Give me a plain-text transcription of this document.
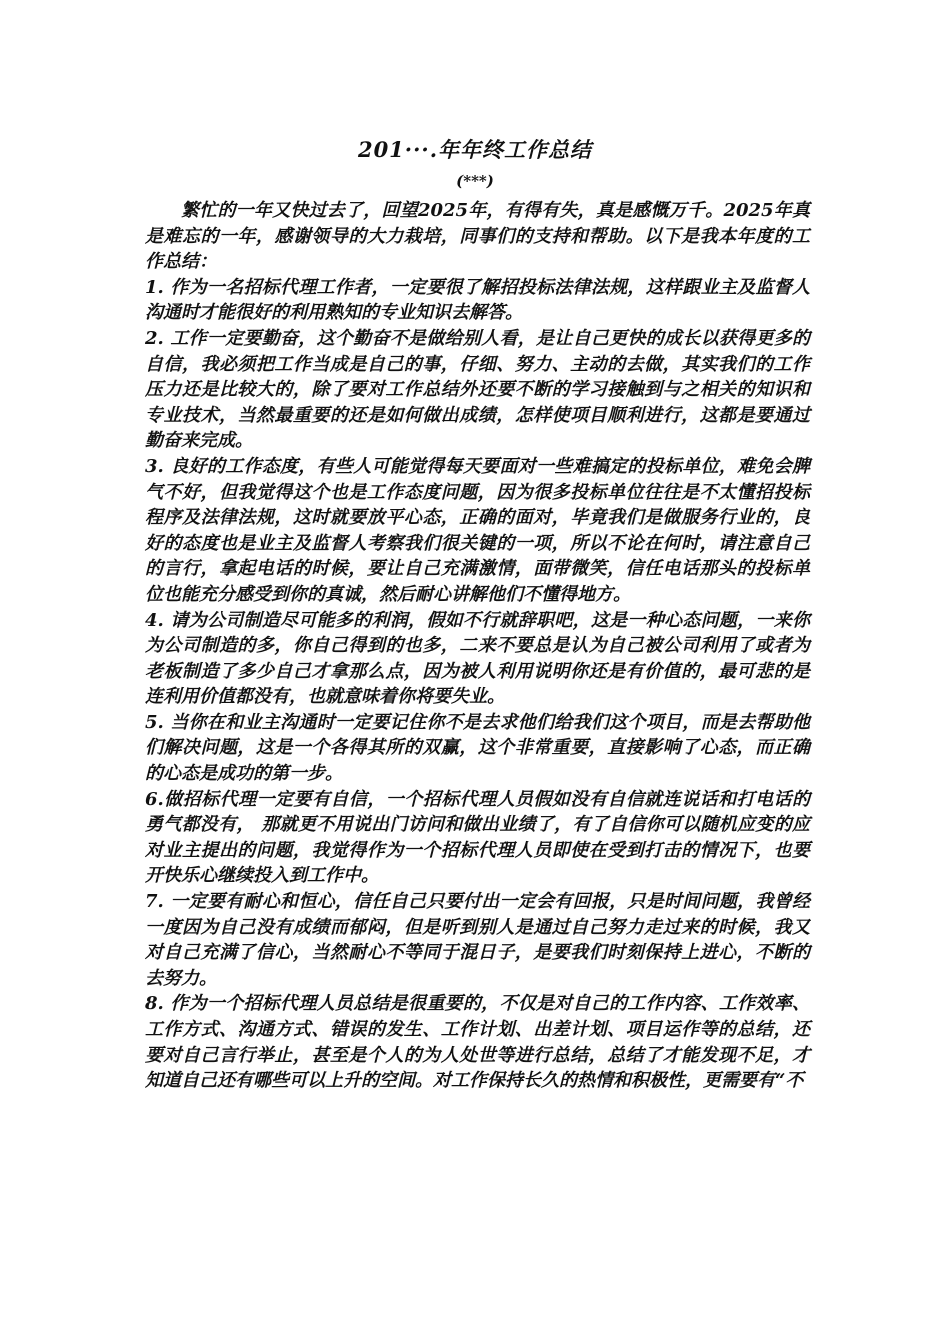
201···.年年终工作总结
(***)

繁忙的一年又快过去了，回望2025年，有得有失，真是感慨万千。2025年真是难忘的一年，感谢领导的大力栽培，同事们的支持和帮助。以下是我本年度的工作总结：

1. 作为一名招标代理工作者，一定要很了解招投标法律法规，这样跟业主及监督人沟通时才能很好的利用熟知的专业知识去解答。

2. 工作一定要勤奋，这个勤奋不是做给别人看，是让自己更快的成长以获得更多的自信，我必须把工作当成是自己的事，仔细、努力、主动的去做，其实我们的工作压力还是比较大的，除了要对工作总结外还要不断的学习接触到与之相关的知识和专业技术，当然最重要的还是如何做出成绩，怎样使项目顺利进行，这都是要通过勤奋来完成。

3. 良好的工作态度，有些人可能觉得每天要面对一些难搞定的投标单位，难免会脾气不好，但我觉得这个也是工作态度问题，因为很多投标单位往往是不太懂招投标程序及法律法规，这时就要放平心态，正确的面对，毕竟我们是做服务行业的，良好的态度也是业主及监督人考察我们很关键的一项，所以不论在何时，请注意自己的言行，拿起电话的时候，要让自己充满激情，面带微笑，信任电话那头的投标单位也能充分感受到你的真诚，然后耐心讲解他们不懂得地方。

4. 请为公司制造尽可能多的利润，假如不行就辞职吧，这是一种心态问题，一来你为公司制造的多，你自己得到的也多，二来不要总是认为自己被公司利用了或者为老板制造了多少自己才拿那么点，因为被人利用说明你还是有价值的，最可悲的是连利用价值都没有，也就意味着你将要失业。

5. 当你在和业主沟通时一定要记住你不是去求他们给我们这个项目，而是去帮助他们解决问题，这是一个各得其所的双赢，这个非常重要，直接影响了心态，而正确的心态是成功的第一步。

6.做招标代理一定要有自信，一个招标代理人员假如没有自信就连说话和打电话的勇气都没有， 那就更不用说出门访问和做出业绩了，有了自信你可以随机应变的应对业主提出的问题，我觉得作为一个招标代理人员即使在受到打击的情况下，也要开快乐心继续投入到工作中。

7. 一定要有耐心和恒心，信任自己只要付出一定会有回报，只是时间问题，我曾经一度因为自己没有成绩而郁闷，但是听到别人是通过自己努力走过来的时候，我又对自己充满了信心，当然耐心不等同于混日子，是要我们时刻保持上进心，不断的去努力。

8. 作为一个招标代理人员总结是很重要的，不仅是对自己的工作内容、工作效率、工作方式、沟通方式、错误的发生、工作计划、出差计划、项目运作等的总结，还要对自己言行举止，甚至是个人的为人处世等进行总结，总结了才能发现不足，才知道自己还有哪些可以上升的空间。对工作保持长久的热情和积极性，更需要有“不
